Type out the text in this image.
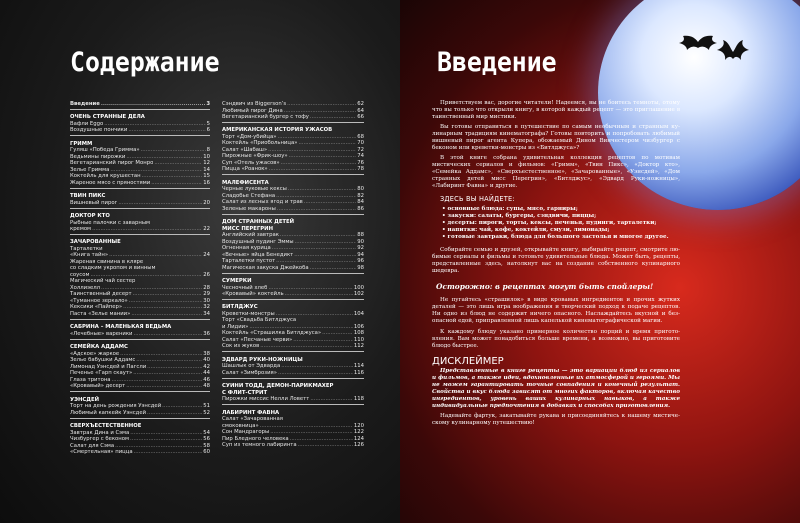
Содержание
Введение .....	3
ОЧЕНЬ СТРАННЫЕ ДЕЛА
Вафли Eggo .....	5
Воздушные пончики .....	6
ГРИММ
Гуляш «Победа Гримма» .....	8
Ведьмины пирожки .....	10
Вегетарианский пирог Монро .....	12
Зелье Гримма .....	14
Коктейль для крушестан .....	15
Жареное мясо с пряностями .....	16
ТВИН ПИКС
Вишневый пирог .....	20
ДОКТОР КТО
Рыбные палочки с заварным
кремом .....	22
ЗАЧАРОВАННЫЕ
Тарталетки
«Книга тайн» .....	24
Жареная свинина в кляре
со сладким укропом и винным
соусом .....	26
Магический чай сестер
Холлиэелл .....	28
Таинственный десерт .....	29
«Туманное зеркало» .....	30
Кексики «Пайпер» .....	32
Паста «Зелье мании» .....	34
САБРИНА – МАЛЕНЬКАЯ ВЕДЬМА
«Лечебные» вареники .....	36
СЕМЕЙКА АДДАМС
«Адское» жаркое .....	38
Зелье бабушки Аддамс .....	40
Лимонад Уэнсдей и Пагсли .....	42
Печенье «Гарп скаут» .....	44
Глаза тритона .....	46
«Кровавый» десерт .....	48
УЭНСДЕЙ
Торт на день рождения Уэнсдей .....	51
Любимый капкейк Уэнсдей .....	52
СВЕРХЪЕСТЕСТВЕННОЕ
Завтрак Дина и Сэма .....	54
Чизбургер с беконом .....	56
Салат для Сэма .....	58
«Смертельная» пицца .....	60
Сэндвич из Biggerson’s .....	62
Любимый пирог Дина .....	64
Вегетарианский бургер с тофу .....	66
АМЕРИКАНСКАЯ ИСТОРИЯ УЖАСОВ
Торт «Дом-убийца» .....	68
Коктейль «Приобольница» .....	70
Салат «Шабаш» .....	72
Пирожные «Фрик-шоу» .....	74
Суп «Отель ужасов» .....	76
Пицца «Роанок» .....	78
МАЛЕФИСЕНТА
Черные луковые кексы .....	80
Сладобье Стефана .....	82
Салат из лесных ягод и трав .....	84
Зеленые макароны .....	86
ДОМ СТРАННЫХ ДЕТЕЙ
МИСС ПЕРЕГРИН
Английский завтрак .....	88
Воздушный пудинг Эммы .....	90
Огненная курица .....	92
«Вечные» яйца Бенедикт .....	94
Тарталетки пустот .....	96
Магическая закуска Джейкоба .....	98
СУМЕРКИ
Чесночный хлеб .....	100
«Кровавый» коктейль .....	102
БИТЛДЖУС
Креветки-монстры .....	104
Торт «Свадьба Битлджуса
и Лидии» .....	106
Коктейль «Страшилка Битлджуса» .....	108
Салат «Песчаные черви» .....	110
Сок из жуков .....	112
ЭДВАРД РУКИ-НОЖНИЦЫ
Шашлык от Эдварда .....	114
Салат «Зимброзия» .....	116
СУИНИ ТОДД, ДЕМОН-ПАРИКМАХЕР
С ФЛИТ-СТРИТ
Пирожки миссис Нелли Ловетт .....	118
ЛАБИРИНТ ФАВНА
Салат «Зачарованная
смоковница» .....	120
Сон Мандрагоры .....	122
Пир Бледного человека .....	124
Суп из темного лабиринта .....	126
Введение

Приветствуем вас, дорогие читатели! Надеемся, вы не боитесь темноты, отому что вы только что открыли книгу, в которой каждый рецепт — это приглашение в таинственный мир мистики.

Вы готовы отправиться в путешествие по самым необычным и странным кулинарным традициям кинематографа? Готовы повторить и попробовать любимый вишневый пирог агента Купера, обожаемый Дином Винчестером чизбургер с беконом или креветки-монстры из «Битлджуса»?

В этой книге собрана удивительная коллекция рецептов по мотивам мистических сериалов и фильмов: «Гримм», «Твин Пикс», «Доктор кто», «Семейка Аддамс», «Сверхъестественное», «Зачарованные», «Уэнсдей», «Дом странных детей мисс Перегрин», «Битлджус», «Эдвард Руки-ножницы», «Лабиринт Фавна» и другие.

ЗДЕСЬ ВЫ НАЙДЕТЕ:
• основные блюда: супы, мясо, гарниры;
• закуски: салаты, бургеры, сэндвичи, пиццы;
• десерты: пироги, торты, кексы, печенья, пудинги, тарталетки;
• напитки: чай, кофе, коктейли, смузи, лимонады;
• готовые завтраки, блюда для большого застолья и многое другое.

Собирайте семью и друзей, открывайте книгу, выбирайте рецепт, смотрите любимые сериалы и фильмы и готовьте удивительные блюда. Может быть, рецепты, представленные здесь, натолкнут вас на создание собственного кулинарного шедевра.

Осторожно: в рецептах могут быть спойлеры!

Не пугайтесь «страшилок» в виде кровавых ингредиентов и прочих жутких деталей — это лишь игра воображения и творческий подход к подаче рецептов. Ни одно из блюд не содержит ничего опасного. Наслаждайтесь вкусной и безопасной едой, приправленной лишь капелькой кинематографической магии.

К каждому блюду указано примерное количество порций и время приготовления. Вам может понадобиться больше времени, а возможно, вы приготовите блюдо быстрее.

ДИСКЛЕЙМЕР

Представленные в книге рецепты — это вариации блюд из сериалов и фильмов, а также идеи, вдохновленные их атмосферой и героями. Мы не можем гарантировать точные совпадения и конечный результат. Свойства и вкус блюда зависят от многих факторов, включая качество ингредиентов, уровень ваших кулинарных навыков, а также индивидуальные предпочтения в добавках и способах приготовления.

Надевайте фартук, закатывайте рукава и присоединяйтесь к нашему мистическому кулинарному путешествию!
